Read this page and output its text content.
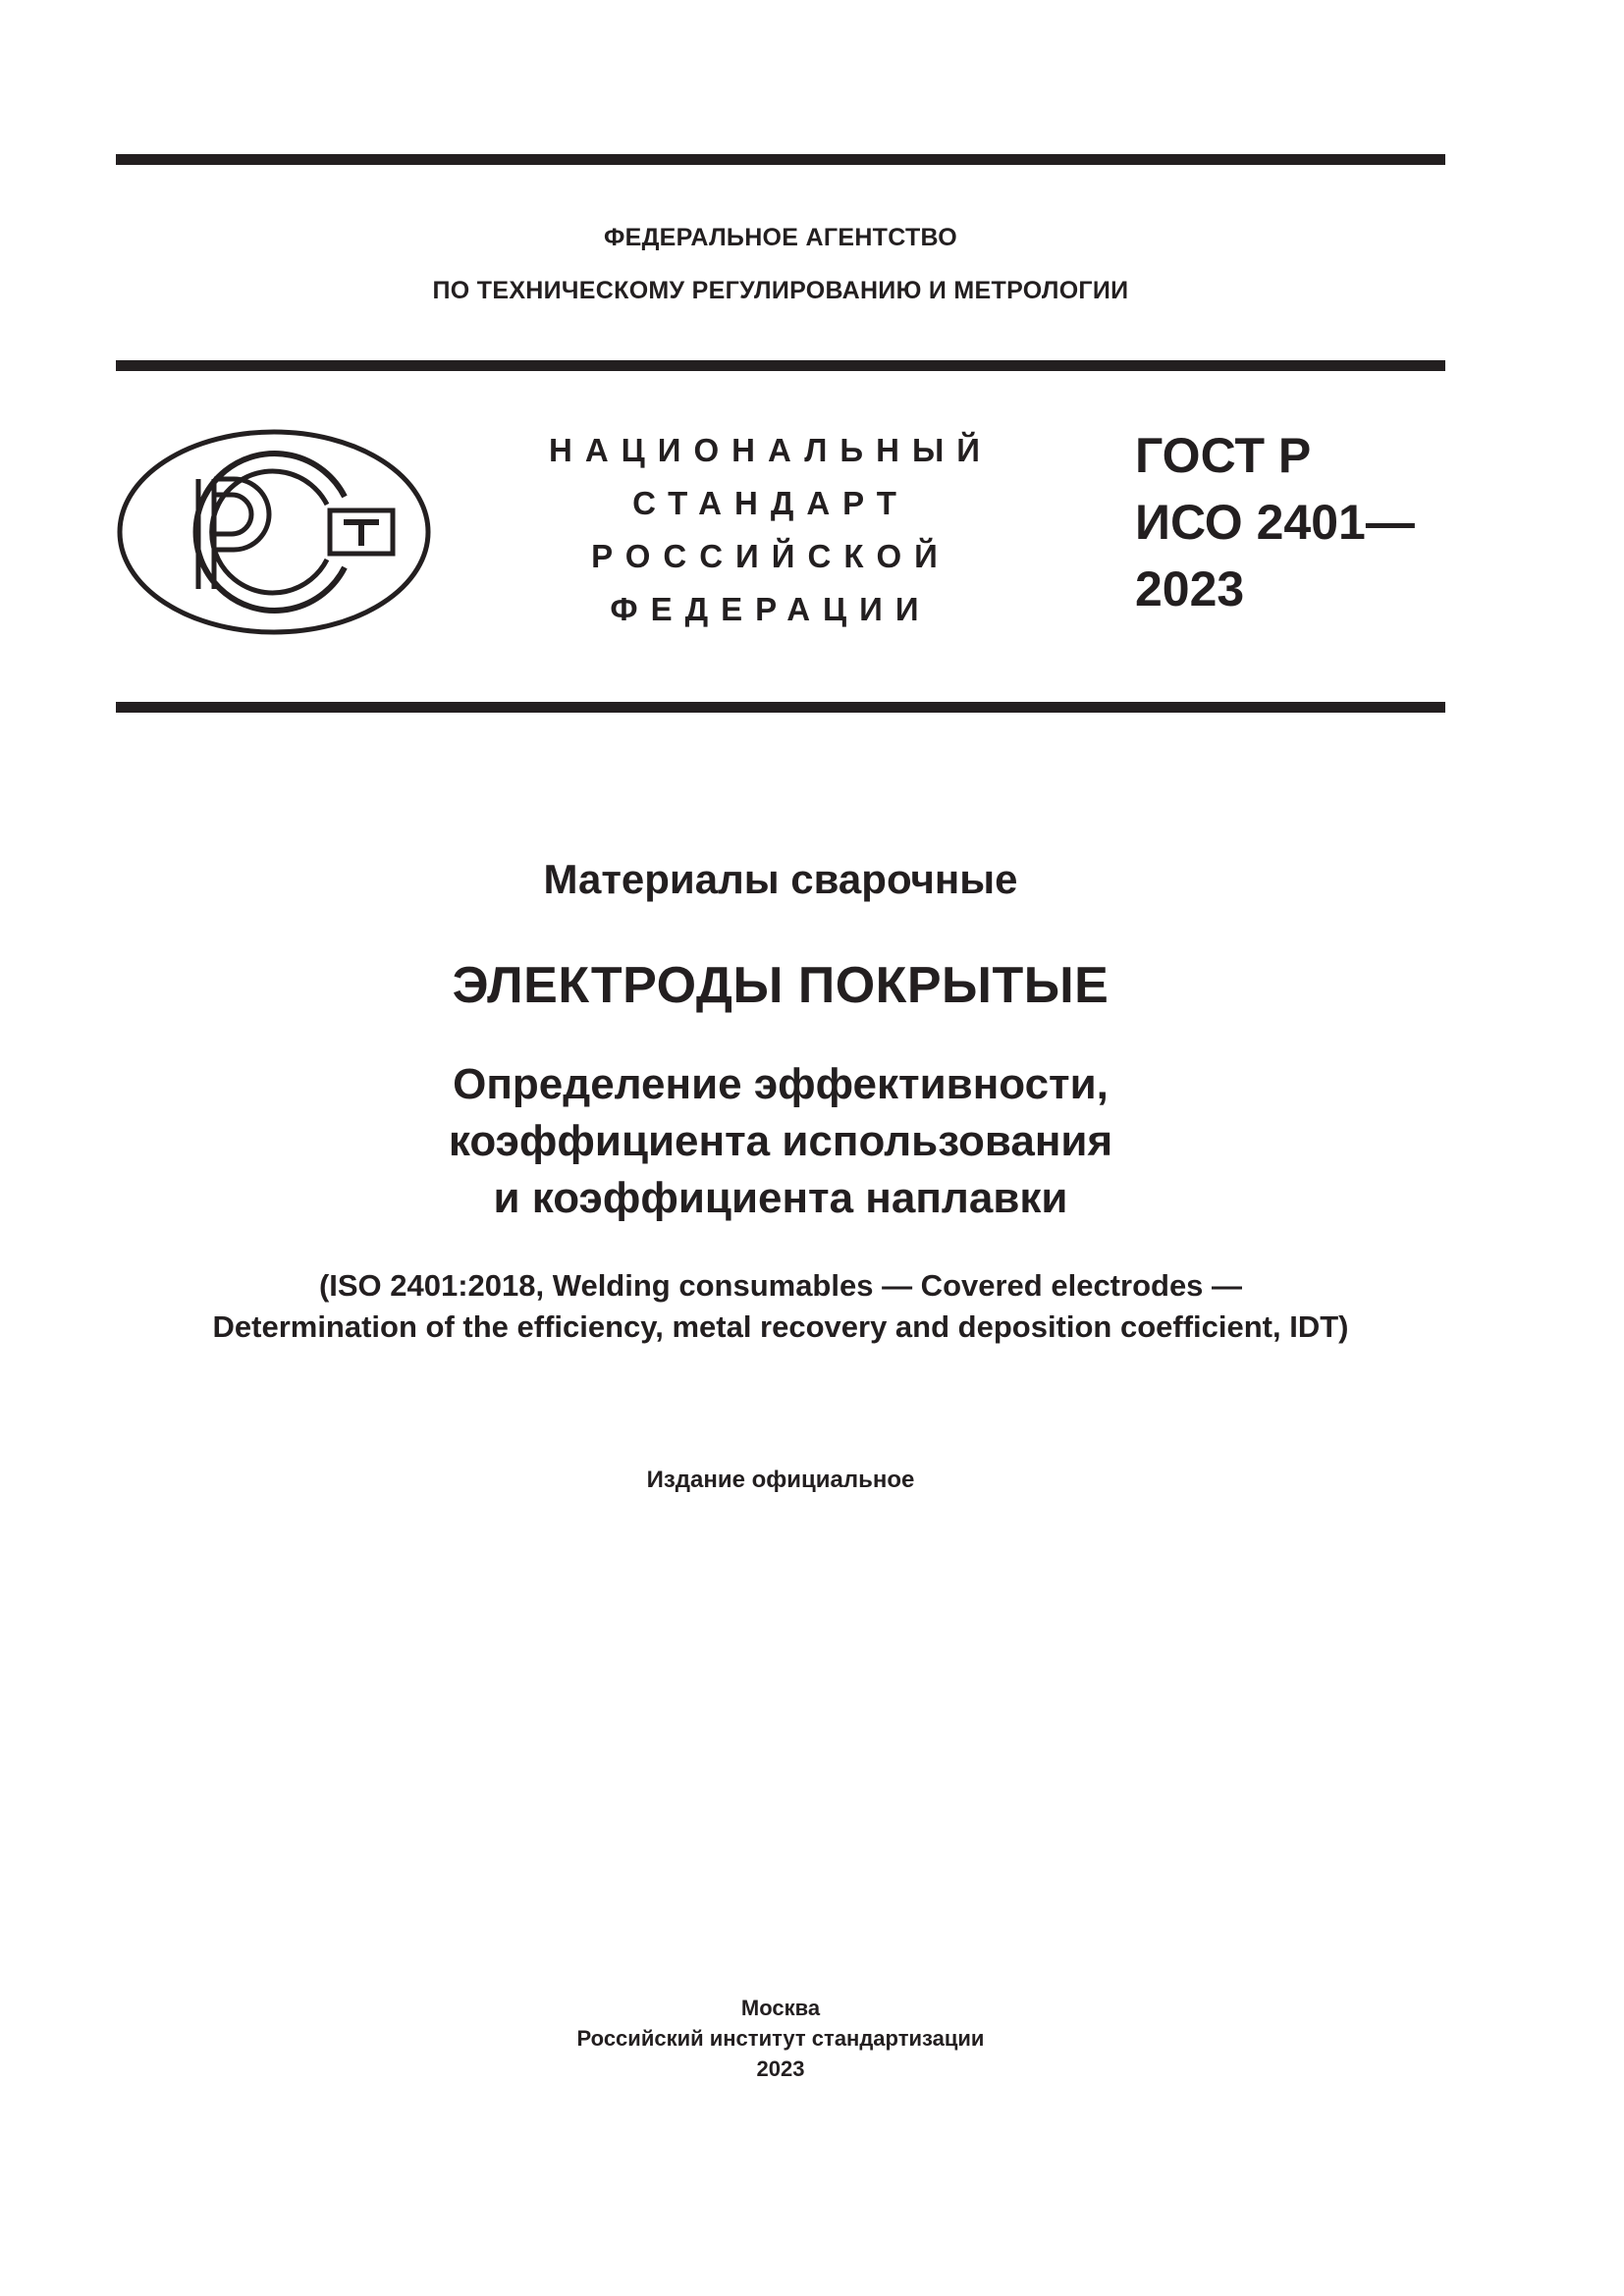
ФЕДЕРАЛЬНОЕ АГЕНТСТВО
ПО ТЕХНИЧЕСКОМУ РЕГУЛИРОВАНИЮ И МЕТРОЛОГИИ
НАЦИОНАЛЬНЫЙ
СТАНДАРТ
РОССИЙСКОЙ
ФЕДЕРАЦИИ
ГОСТ Р
ИСО 2401—
2023
Материалы сварочные
ЭЛЕКТРОДЫ ПОКРЫТЫЕ
Определение эффективности,
коэффициента использования
и коэффициента наплавки
(ISO 2401:2018, Welding consumables — Covered electrodes —
Determination of the efficiency, metal recovery and deposition coefficient, IDT)
Издание официальное
Москва
Российский институт стандартизации
2023
